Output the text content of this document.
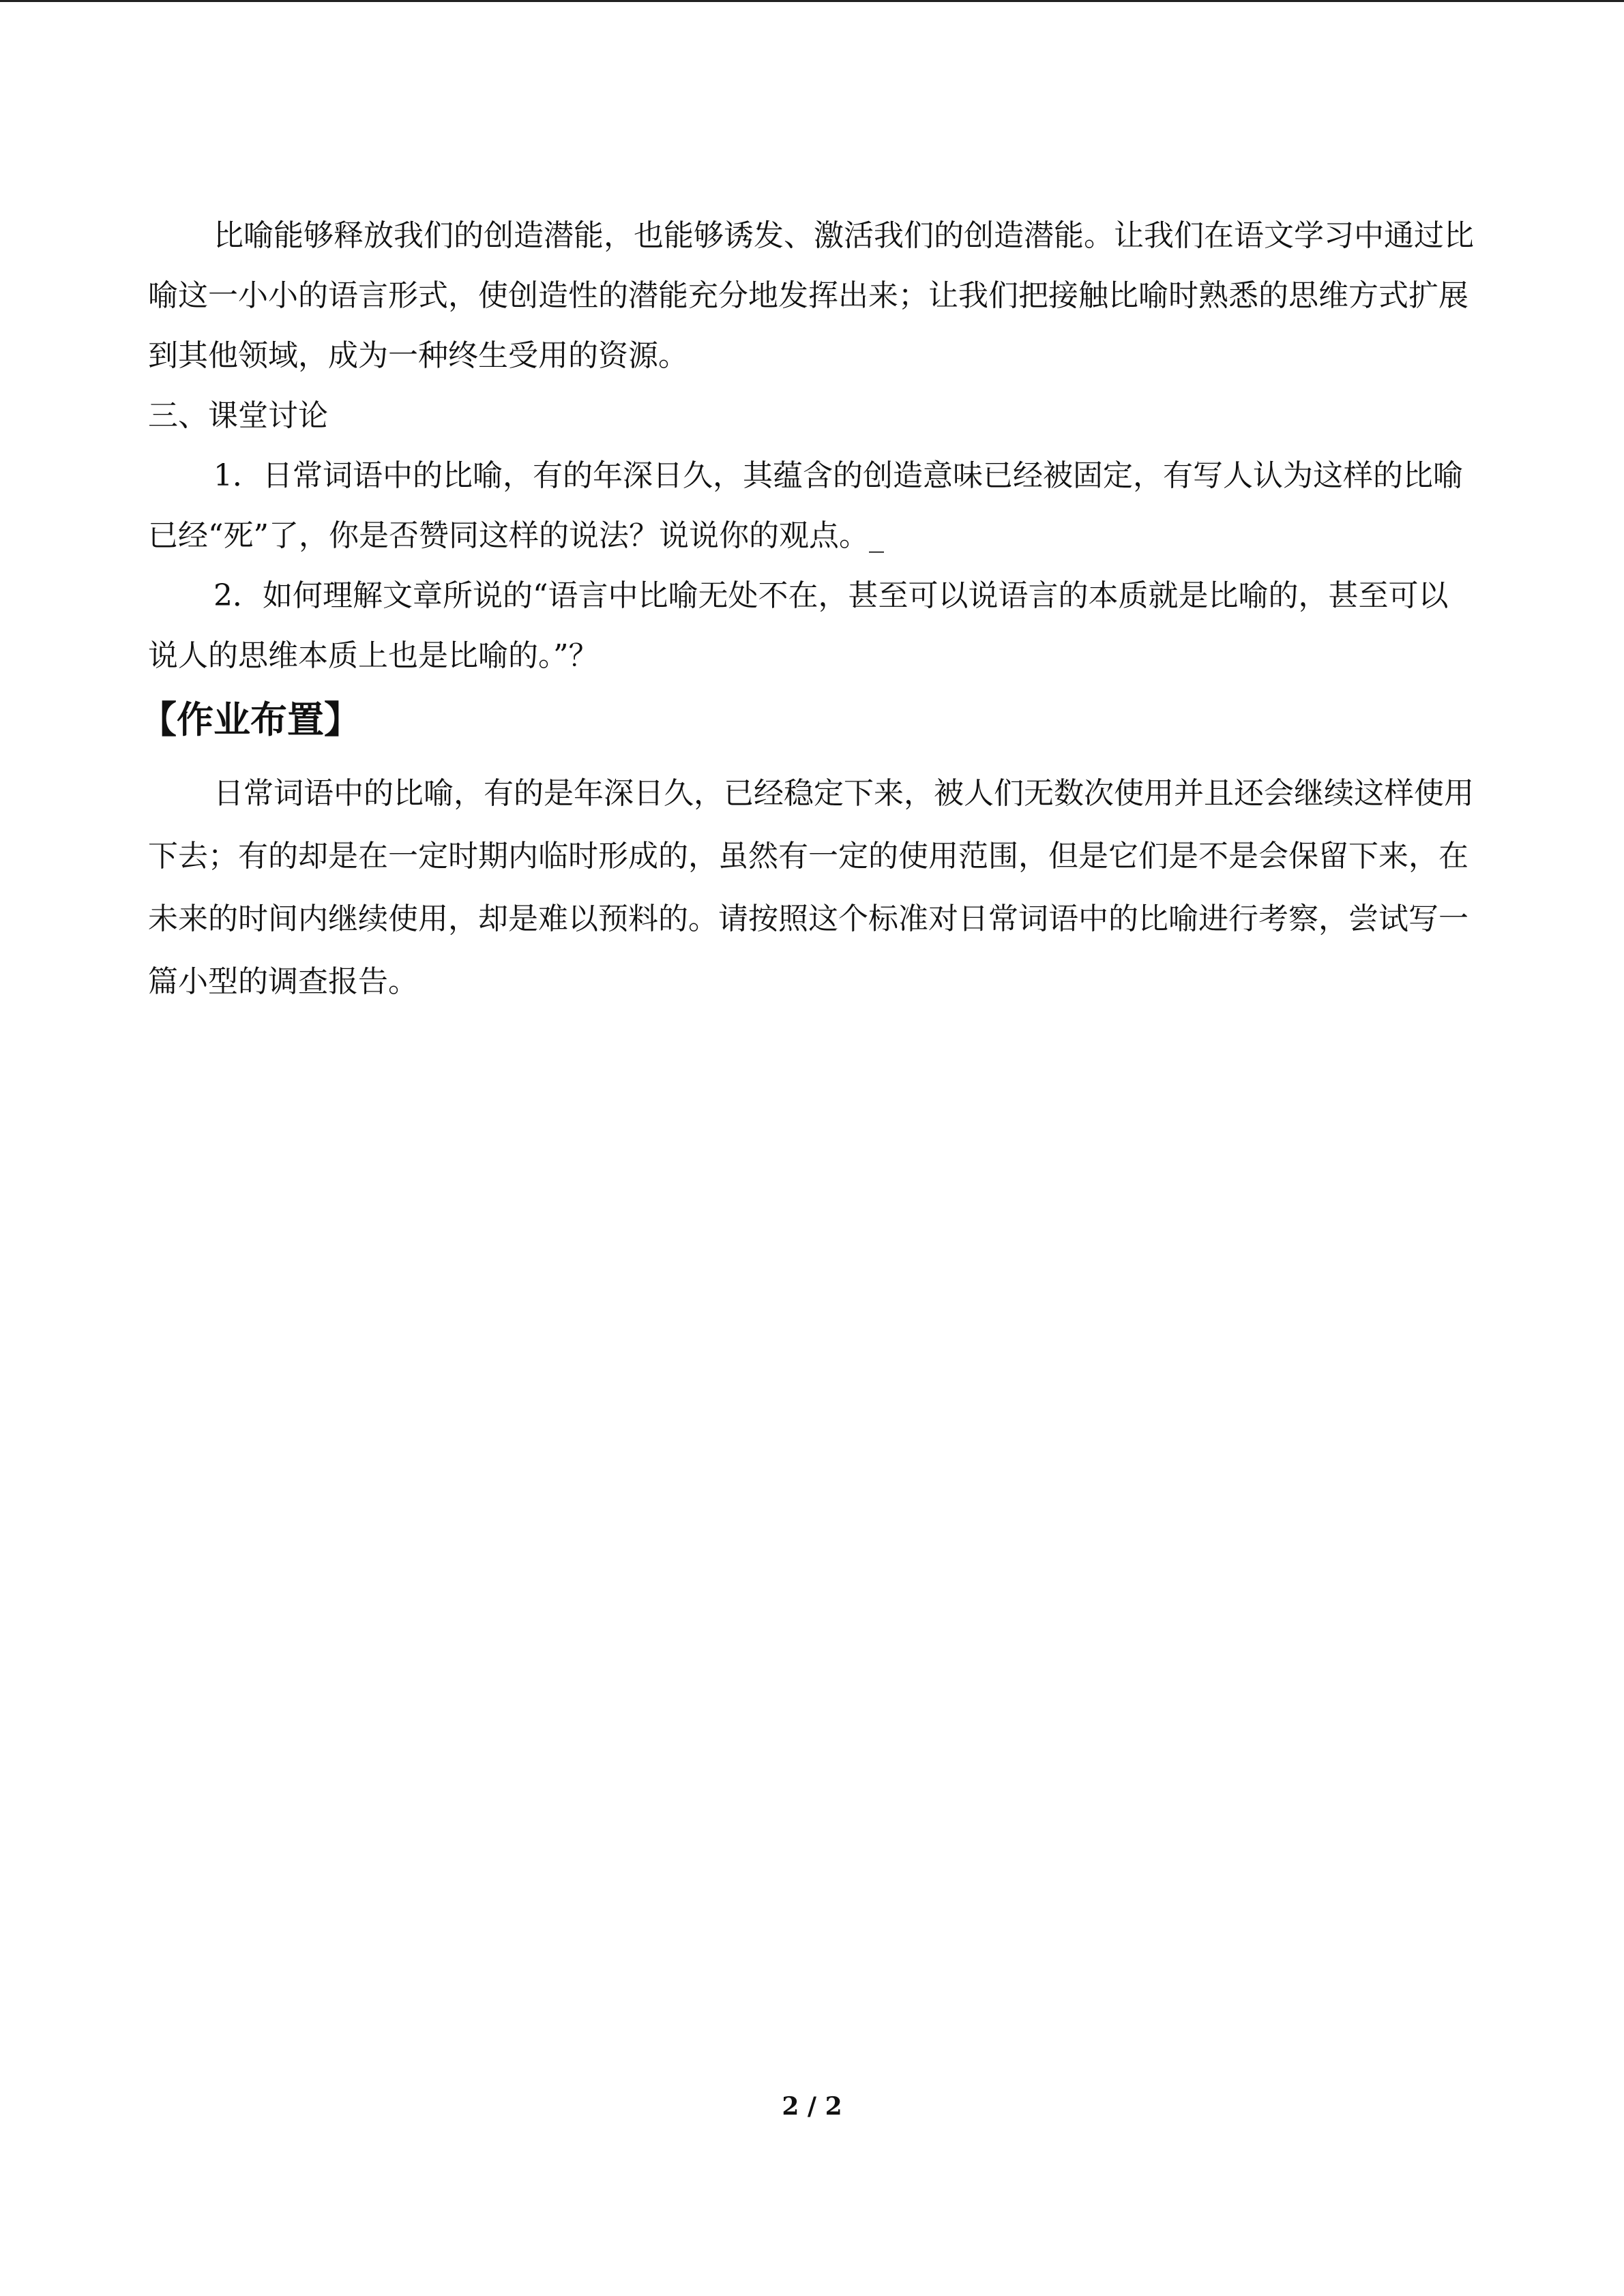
比喻能够释放我们的创造潜能，也能够诱发、激活我们的创造潜能。让我们在语文学习中通过比喻这一小小的语言形式，使创造性的潜能充分地发挥出来；让我们把接触比喻时熟悉的思维方式扩展到其他领域，成为一种终生受用的资源。

三、课堂讨论

1．日常词语中的比喻，有的年深日久，其蕴含的创造意味已经被固定，有写人认为这样的比喻已经“死”了，你是否赞同这样的说法？说说你的观点。_

2．如何理解文章所说的“语言中比喻无处不在，甚至可以说语言的本质就是比喻的，甚至可以说人的思维本质上也是比喻的。”？

【作业布置】

日常词语中的比喻，有的是年深日久，已经稳定下来，被人们无数次使用并且还会继续这样使用下去；有的却是在一定时期内临时形成的，虽然有一定的使用范围，但是它们是不是会保留下来，在未来的时间内继续使用，却是难以预料的。请按照这个标准对日常词语中的比喻进行考察，尝试写一篇小型的调查报告。

2 / 2
